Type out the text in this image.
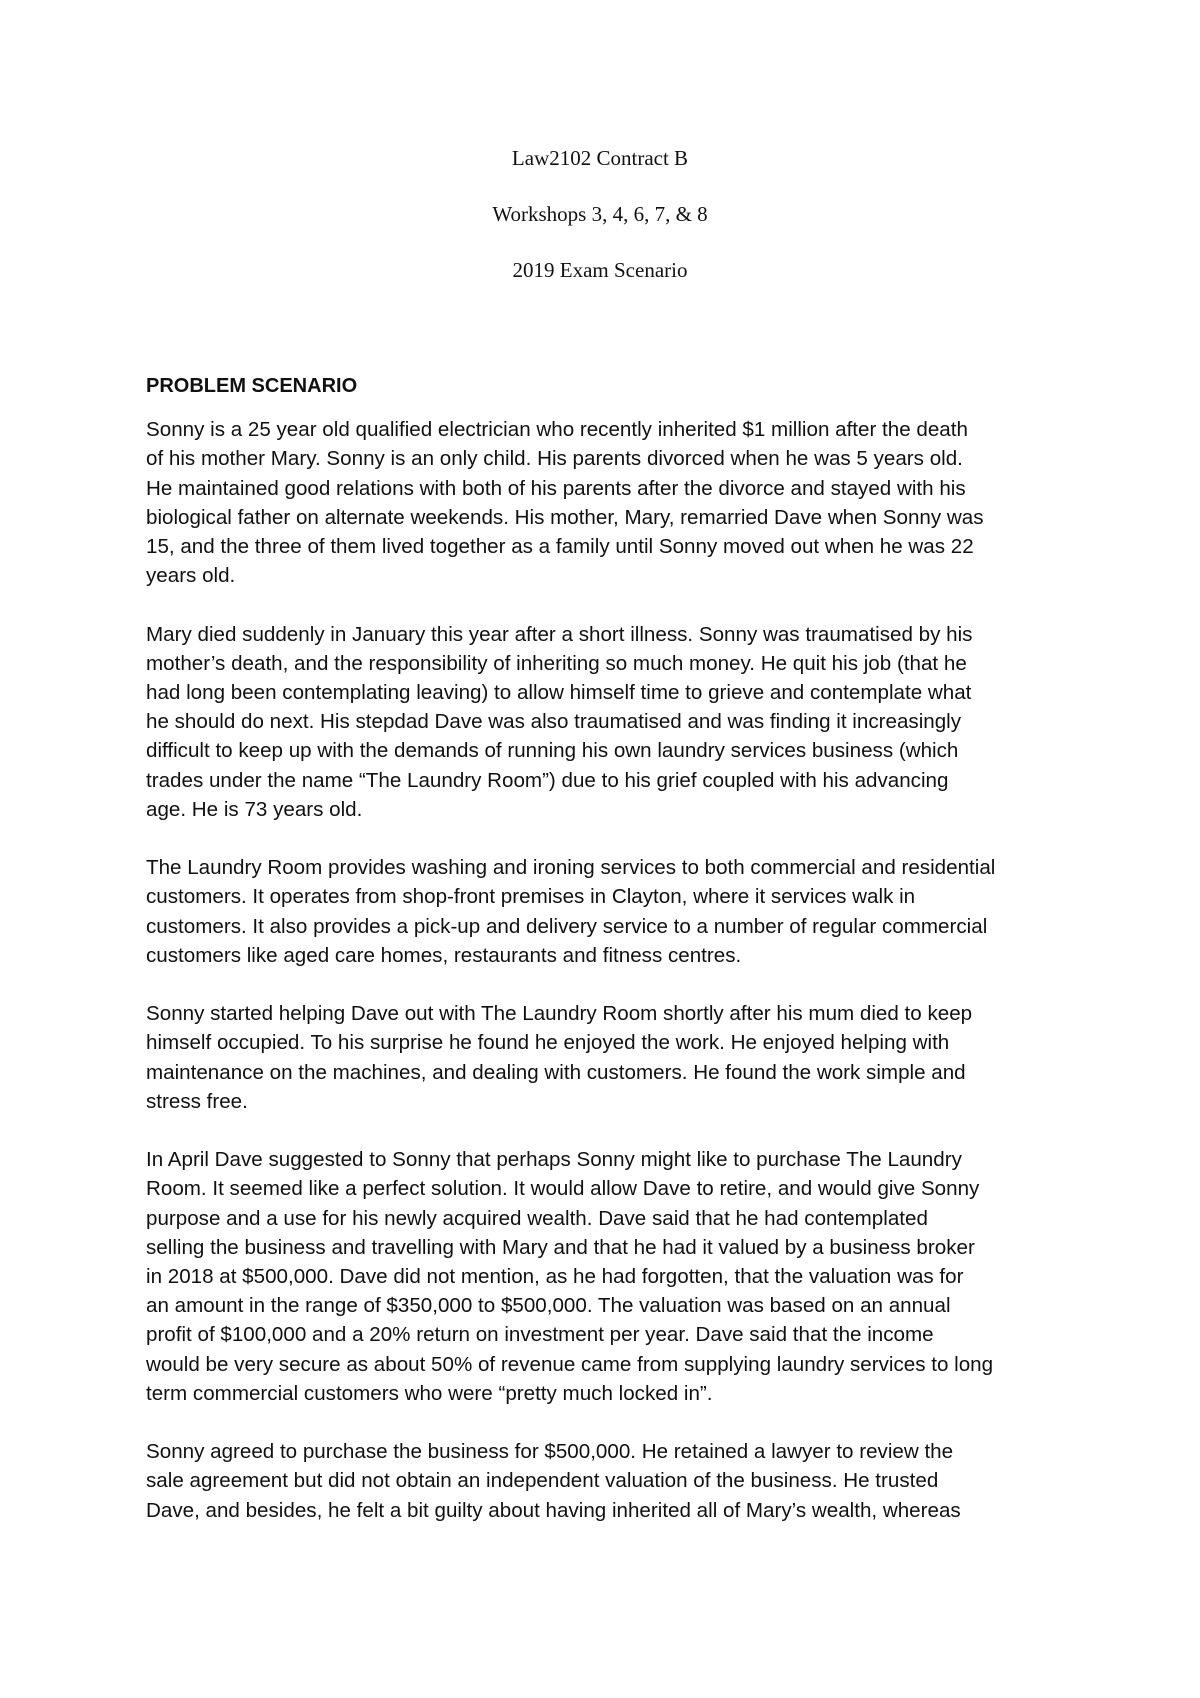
Law2102 Contract B
Workshops 3, 4, 6, 7, & 8
2019 Exam Scenario
PROBLEM SCENARIO
Sonny is a 25 year old qualified electrician who recently inherited $1 million after the death
of his mother Mary. Sonny is an only child. His parents divorced when he was 5 years old.
He maintained good relations with both of his parents after the divorce and stayed with his
biological father on alternate weekends. His mother, Mary, remarried Dave when Sonny was
15, and the three of them lived together as a family until Sonny moved out when he was 22
years old.
Mary died suddenly in January this year after a short illness. Sonny was traumatised by his
mother’s death, and the responsibility of inheriting so much money. He quit his job (that he
had long been contemplating leaving) to allow himself time to grieve and contemplate what
he should do next. His stepdad Dave was also traumatised and was finding it increasingly
difficult to keep up with the demands of running his own laundry services business (which
trades under the name “The Laundry Room”) due to his grief coupled with his advancing
age. He is 73 years old.
The Laundry Room provides washing and ironing services to both commercial and residential
customers. It operates from shop-front premises in Clayton, where it services walk in
customers. It also provides a pick-up and delivery service to a number of regular commercial
customers like aged care homes, restaurants and fitness centres.
Sonny started helping Dave out with The Laundry Room shortly after his mum died to keep
himself occupied. To his surprise he found he enjoyed the work. He enjoyed helping with
maintenance on the machines, and dealing with customers. He found the work simple and
stress free.
In April Dave suggested to Sonny that perhaps Sonny might like to purchase The Laundry
Room. It seemed like a perfect solution. It would allow Dave to retire, and would give Sonny
purpose and a use for his newly acquired wealth. Dave said that he had contemplated
selling the business and travelling with Mary and that he had it valued by a business broker
in 2018 at $500,000. Dave did not mention, as he had forgotten, that the valuation was for
an amount in the range of $350,000 to $500,000. The valuation was based on an annual
profit of $100,000 and a 20% return on investment per year. Dave said that the income
would be very secure as about 50% of revenue came from supplying laundry services to long
term commercial customers who were “pretty much locked in”.
Sonny agreed to purchase the business for $500,000. He retained a lawyer to review the
sale agreement but did not obtain an independent valuation of the business. He trusted
Dave, and besides, he felt a bit guilty about having inherited all of Mary’s wealth, whereas
